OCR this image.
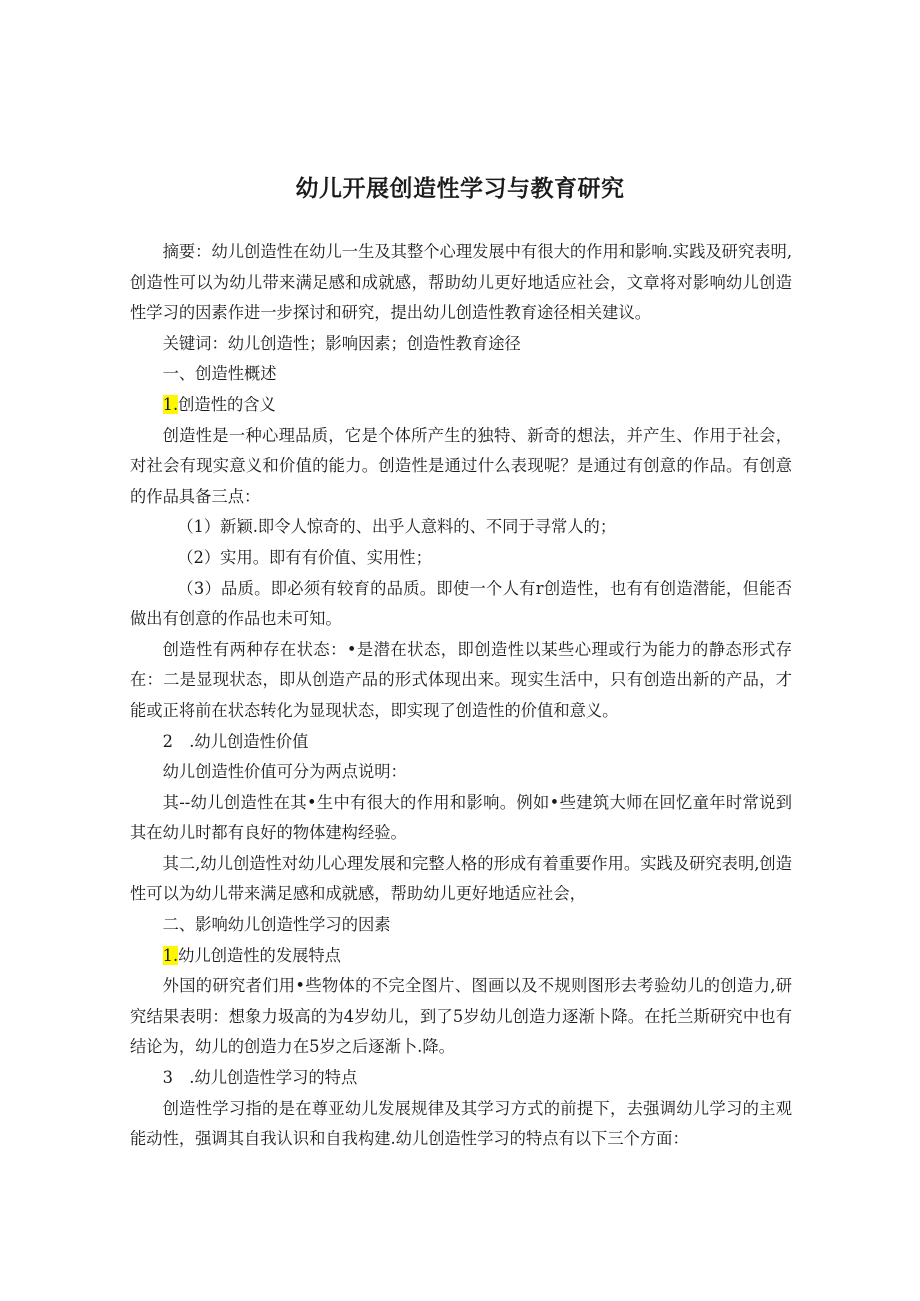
幼儿开展创造性学习与教育研究

摘要：幼儿创造性在幼儿一生及其整个心理发展中有很大的作用和影响.实践及研究表明,创造性可以为幼儿带来满足感和成就感，帮助幼儿更好地适应社会，文章将对影响幼儿创造性学习的因素作进一步探讨和研究，提出幼儿创造性教育途径相关建议。

关键词：幼儿创造性；影响因素；创造性教育途径

一、创造性概述

1.创造性的含义

创造性是一种心理品质，它是个体所产生的独特、新奇的想法，并产生、作用于社会，对社会有现实意义和价值的能力。创造性是通过什么表现呢？是通过有创意的作品。有创意的作品具备三点：

（1）新颖.即令人惊奇的、出乎人意料的、不同于寻常人的；

（2）实用。即有有价值、实用性；

（3）品质。即必须有较育的品质。即使一个人有r创造性，也有有创造潜能，但能否做出有创意的作品也未可知。

创造性有两种存在状态：•是潜在状态，即创造性以某些心理或行为能力的静态形式存在：二是显现状态，即从创造产品的形式体现出来。现实生活中，只有创造出新的产品，才能或正将前在状态转化为显现状态，即实现了创造性的价值和意义。

2　.幼儿创造性价值

幼儿创造性价值可分为两点说明：

其--幼儿创造性在其•生中有很大的作用和影响。例如•些建筑大师在回忆童年时常说到其在幼儿时都有良好的物体建构经验。

其二,幼儿创造性对幼儿心理发展和完整人格的形成有着重要作用。实践及研究表明,创造性可以为幼儿带来满足感和成就感，帮助幼儿更好地适应社会，

二、影响幼儿创造性学习的因素

1.幼儿创造性的发展特点

外国的研究者们用•些物体的不完全图片、图画以及不规则图形去考验幼儿的创造力,研究结果表明：想象力圾高的为4岁幼儿，到了5岁幼儿创造力逐渐卜降。在托兰斯研究中也有结论为，幼儿的创造力在5岁之后逐渐卜.降。

3　.幼儿创造性学习的特点

创造性学习指的是在尊亚幼儿发展规律及其学习方式的前提下，去强调幼儿学习的主观能动性，强调其自我认识和自我构建.幼儿创造性学习的特点有以下三个方面：
